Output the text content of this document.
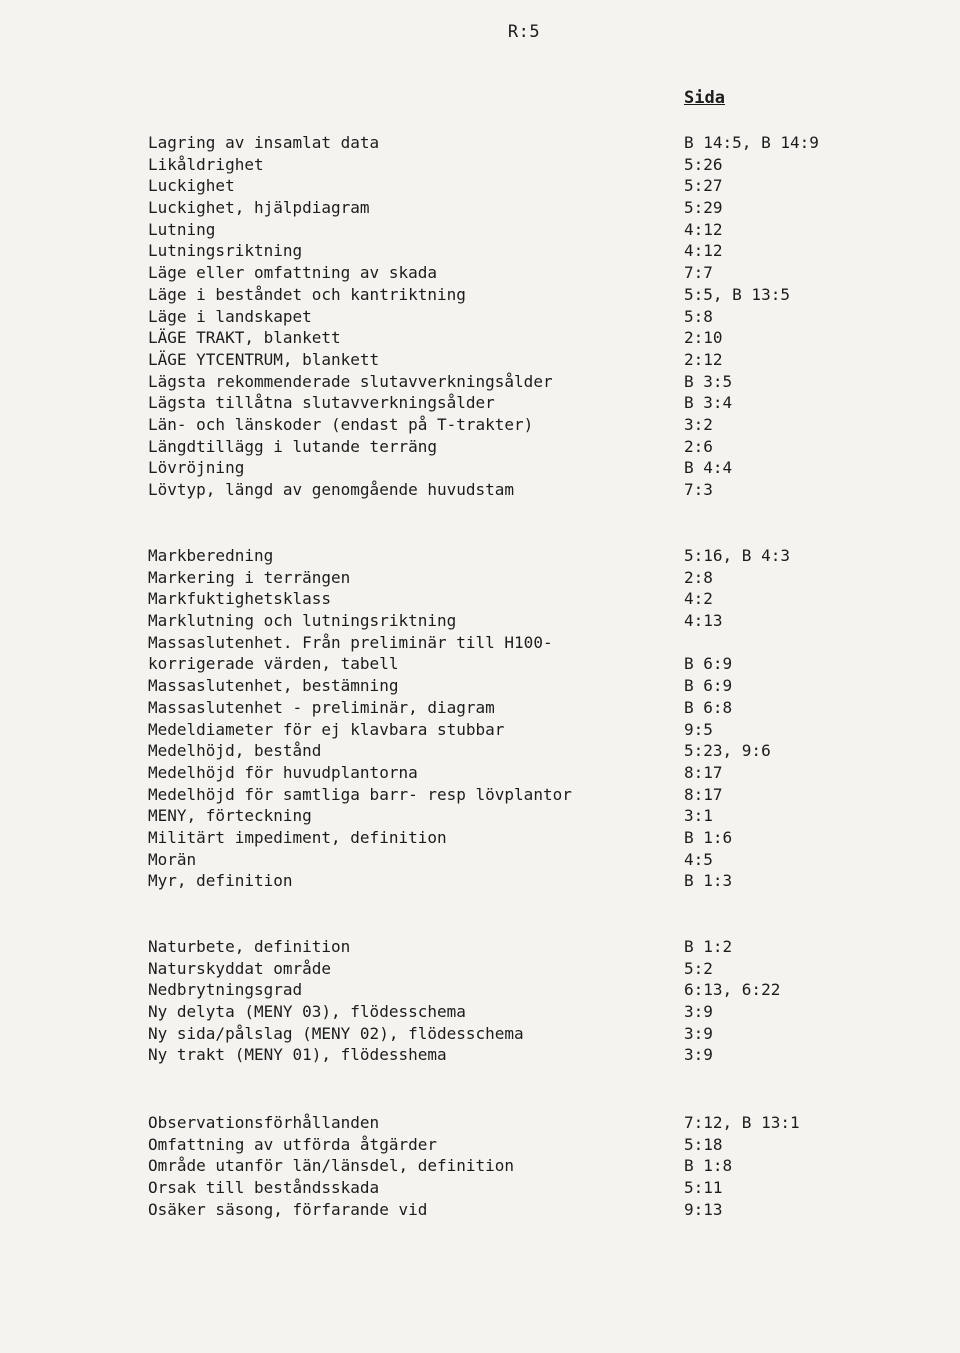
R:5
Sida
Lagring av insamlat data	B 14:5, B 14:9
Likåldrighet	5:26
Luckighet	5:27
Luckighet, hjälpdiagram	5:29
Lutning	4:12
Lutningsriktning	4:12
Läge eller omfattning av skada	7:7
Läge i beståndet och kantriktning	5:5, B 13:5
Läge i landskapet	5:8
LÄGE TRAKT, blankett	2:10
LÄGE YTCENTRUM, blankett	2:12
Lägsta rekommenderade slutavverkningsålder	B 3:5
Lägsta tillåtna slutavverkningsålder	B 3:4
Län- och länskoder (endast på T-trakter)	3:2
Längdtillägg i lutande terräng	2:6
Lövröjning	B 4:4
Lövtyp, längd av genomgående huvudstam	7:3
Markberedning	5:16, B 4:3
Markering i terrängen	2:8
Markfuktighetsklass	4:2
Marklutning och lutningsriktning	4:13
Massaslutenhet. Från preliminär till H100-
korrigerade värden, tabell	B 6:9
Massaslutenhet, bestämning	B 6:9
Massaslutenhet - preliminär, diagram	B 6:8
Medeldiameter för ej klavbara stubbar	9:5
Medelhöjd, bestånd	5:23, 9:6
Medelhöjd för huvudplantorna	8:17
Medelhöjd för samtliga barr- resp lövplantor	8:17
MENY, förteckning	3:1
Militärt impediment, definition	B 1:6
Morän	4:5
Myr, definition	B 1:3
Naturbete, definition	B 1:2
Naturskyddat område	5:2
Nedbrytningsgrad	6:13, 6:22
Ny delyta (MENY 03), flödesschema	3:9
Ny sida/pålslag (MENY 02), flödesschema	3:9
Ny trakt (MENY 01), flödesshema	3:9
Observationsförhållanden	7:12, B 13:1
Omfattning av utförda åtgärder	5:18
Område utanför län/länsdel, definition	B 1:8
Orsak till beståndsskada	5:11
Osäker säsong, förfarande vid	9:13
